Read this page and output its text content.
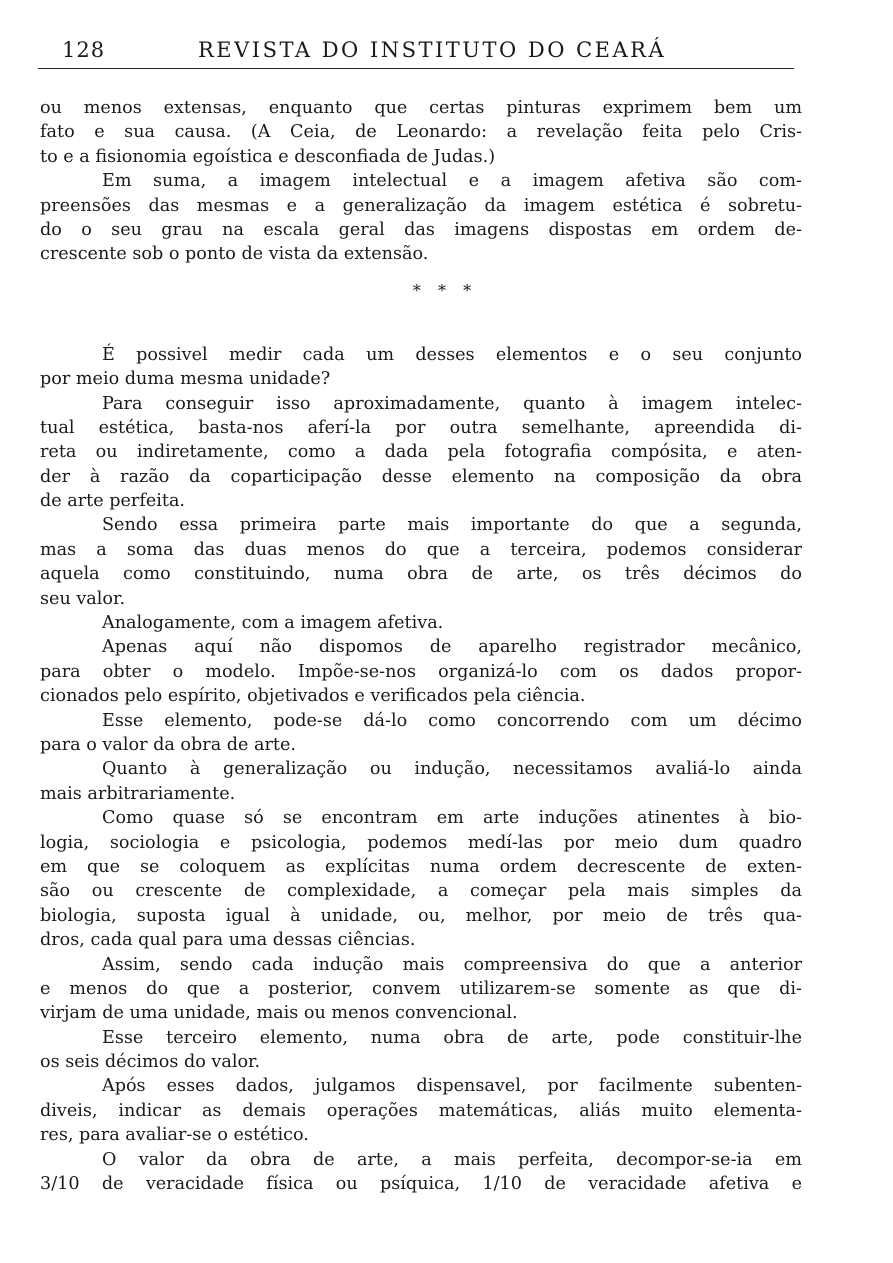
128	REVISTA DO INSTITUTO DO CEARÁ
ou menos extensas, enquanto que certas pinturas exprimem bem um
fato e sua causa. (A Ceia, de Leonardo: a revelação feita pelo Cris-
to e a fisionomia egoística e desconfiada de Judas.)
Em suma, a imagem intelectual e a imagem afetiva são com-
preensões das mesmas e a generalização da imagem estética é sobretu-
do o seu grau na escala geral das imagens dispostas em ordem de-
crescente sob o ponto de vista da extensão.
* * *
É possivel medir cada um desses elementos e o seu conjunto
por meio duma mesma unidade?
Para conseguir isso aproximadamente, quanto à imagem intelec-
tual estética, basta-nos aferí-la por outra semelhante, apreendida di-
reta ou indiretamente, como a dada pela fotografia compósita, e aten-
der à razão da coparticipação desse elemento na composição da obra
de arte perfeita.
Sendo essa primeira parte mais importante do que a segunda,
mas a soma das duas menos do que a terceira, podemos considerar
aquela como constituindo, numa obra de arte, os três décimos do
seu valor.
Analogamente, com a imagem afetiva.
Apenas aquí não dispomos de aparelho registrador mecânico,
para obter o modelo. Impõe-se-nos organizá-lo com os dados propor-
cionados pelo espírito, objetivados e verificados pela ciência.
Esse elemento, pode-se dá-lo como concorrendo com um décimo
para o valor da obra de arte.
Quanto à generalização ou indução, necessitamos avaliá-lo ainda
mais arbitrariamente.
Como quase só se encontram em arte induções atinentes à bio-
logia, sociologia e psicologia, podemos medí-las por meio dum quadro
em que se coloquem as explícitas numa ordem decrescente de exten-
são ou crescente de complexidade, a começar pela mais simples da
biologia, suposta igual à unidade, ou, melhor, por meio de três qua-
dros, cada qual para uma dessas ciências.
Assim, sendo cada indução mais compreensiva do que a anterior
e menos do que a posterior, convem utilizarem-se somente as que di-
virjam de uma unidade, mais ou menos convencional.
Esse terceiro elemento, numa obra de arte, pode constituir-lhe
os seis décimos do valor.
Após esses dados, julgamos dispensavel, por facilmente subenten-
diveis, indicar as demais operações matemáticas, aliás muito elementa-
res, para avaliar-se o estético.
O valor da obra de arte, a mais perfeita, decompor-se-ia em
3/10 de veracidade física ou psíquica, 1/10 de veracidade afetiva e
